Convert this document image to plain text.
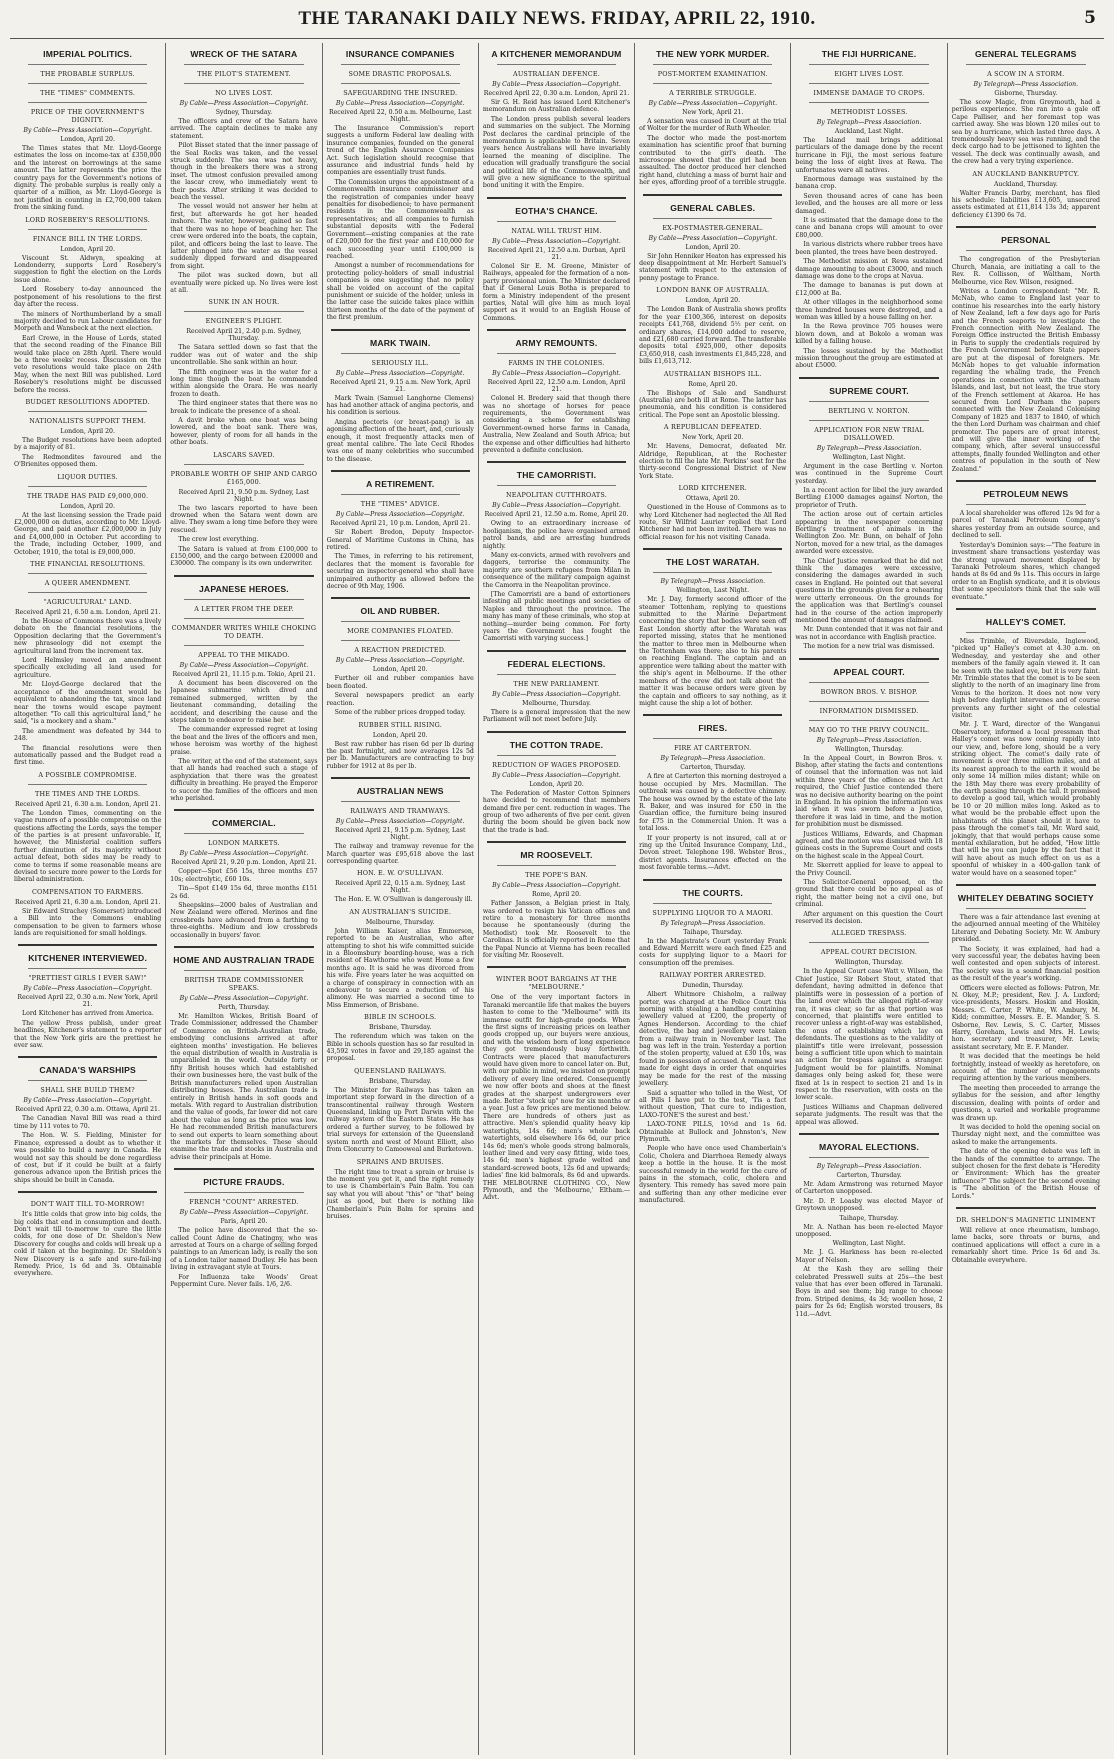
THE TARANAKI DAILY NEWS. FRIDAY, APRIL 22, 1910.	5
IMPERIAL POLITICS.
THE PROBABLE SURPLUS.
THE "TIMES" COMMENTS.
PRICE OF THE GOVERNMENT'S DIGNITY.
By Cable—Press Association—Copyright.
London, April 20.
The Times states that Mr. Lloyd-George estimates the loss on income-tax at £350,000 and the interest on borrowings at the same amount. The latter represents the price the country pays for the Government's notions of dignity. The probable surplus is really only a quarter of a million, as Mr. Lloyd-George is not justified in counting in £2,700,000 taken from the sinking fund.
LORD ROSEBERY'S RESOLUTIONS.
FINANCE BILL IN THE LORDS.
London, April 20.
Viscount St. Aldwyn, speaking at Londonderry, supports Lord Rosebery's suggestion to fight the election on the Lords issue alone.
Lord Rosebery to-day announced the postponement of his resolutions to the first day after the recess.
The miners of Northumberland by a small majority decided to run Labour candidates for Morpeth and Wansbeck at the next election.
Earl Crewe, in the House of Lords, stated that the second reading of the Finance Bill would take place on 28th April. There would be a three weeks' recess. Discussion on the veto resolutions would take place on 24th May, when the next Bill was published. Lord Rosebery's resolutions might be discussed before the recess.
BUDGET RESOLUTIONS ADOPTED.
NATIONALISTS SUPPORT THEM.
London, April 20.
The Budget resolutions have been adopted by a majority of 81.
The Redmondites favoured and the O'Brienites opposed them.
LIQUOR DUTIES.
THE TRADE HAS PAID £9,000,000.
London, April 20.
At the last licensing session the Trade paid £2,000,000 on duties, according to Mr. Lloyd-George, and paid another £2,000,000 in July and £4,000,000 in October. Put according to the Trade, including October, 1909, and October, 1910, the total is £9,000,000.
THE FINANCIAL RESOLUTIONS.
A QUEER AMENDMENT.
"AGRICULTURAL" LAND.
Received April 21, 6.50 a.m. London, April 21.
In the House of Commons there was a lively debate on the financial resolutions, the Opposition declaring that the Government's new phraseology did not exempt the agricultural land from the increment tax.
Lord Helmsley moved an amendment specifically excluding all land used for agriculture.
Mr. Lloyd-George declared that the acceptance of the amendment would be equivalent to abandoning the tax, since land near the towns would escape payment altogether. "To call this agricultural land," he said, "is a mockery and a sham."
The amendment was defeated by 344 to 248.
The financial resolutions were then automatically passed and the Budget read a first time.
A POSSIBLE COMPROMISE.
THE TIMES AND THE LORDS.
Received April 21, 6.30 a.m. London, April 21.
The London Times, commenting on the vague rumors of a possible compromise on the questions affecting the Lords, says the temper of the parties is at present unfavorable. If, however, the Ministerial coalition suffers further diminution of its majority without actual defeat, both sides may be ready to come to terms if some reasonable means are devised to secure more power to the Lords for liberal administration.
COMPENSATION TO FARMERS.
Received April 21, 6.30 a.m. London, April 21.
Sir Edward Strachey (Somerset) introduced a Bill into the Commons enabling compensation to be given to farmers whose lands are requisitioned for small holdings.
KITCHENER INTERVIEWED.
"PRETTIEST GIRLS I EVER SAW!"
By Cable—Press Association—Copyright.
Received April 22, 0.30 a.m. New York, April 21.
Lord Kitchener has arrived from America.
The yellow Press publish, under great headlines, Kitchener's statement to a reporter that the New York girls are the prettiest he ever saw.
CANADA'S WARSHIPS
SHALL SHE BUILD THEM?
By Cable—Press Association—Copyright.
Received April 22, 0.30 a.m. Ottawa, April 21.
The Canadian Naval Bill was read a third time by 111 votes to 70.
The Hon. W. S. Fielding, Minister for Finance, expressed a doubt as to whether it was possible to build a navy in Canada. He would not say this should be done regardless of cost, but if it could be built at a fairly generous advance upon the British prices the ships should be built in Canada.
DON'T WAIT TILL TO-MORROW!
It's little colds that grow into big colds, the big colds that end in consumption and death. Don't wait till to-morrow to cure the little colds, for one dose of Dr. Sheldon's New Discovery for coughs and colds will break up a cold if taken at the beginning. Dr. Sheldon's New Discovery is a safe and sure-fail-ing Remedy. Price, 1s 6d and 3s. Obtainable everywhere.
WRECK OF THE SATARA
THE PILOT'S STATEMENT.
NO LIVES LOST.
By Cable—Press Association—Copyright.
Sydney, Thursday.
The officers and crew of the Satara have arrived. The captain declines to make any statement.
Pilot Bisset stated that the inner passage of the Seal Rocks was taken, and the vessel struck suddenly. The sea was not heavy, though in the breakers there was a strong inset. The utmost confusion prevailed among the lascar crew, who immediately went to their posts. After striking it was decided to beach the vessel.
The vessel would not answer her helm at first, but afterwards he got her headed inshore. The water, however, gained so fast that there was no hope of beaching her. The crew were ordered into the boats, the captain, pilot, and officers being the last to leave. The latter plunged into the water as the vessel suddenly dipped forward and disappeared from sight.
The pilot was sucked down, but all eventually were picked up. No lives were lost at all.
SUNK IN AN HOUR.
ENGINEER'S PLIGHT.
Received April 21, 2.40 p.m. Sydney, Thursday.
The Satara settled down so fast that the rudder was out of water and the ship uncontrollable. She sank within an hour.
The fifth engineer was in the water for a long time though the boat he commanded within alongside the Orara. He was nearly frozen to death.
The third engineer states that there was no break to indicate the presence of a shoal.
A davit broke when one boat was being lowered, and the boat sank. There was, however, plenty of room for all hands in the other boats.
LASCARS SAVED.
PROBABLE WORTH OF SHIP AND CARGO £165,000.
Received April 21, 9.50 p.m. Sydney, Last Night.
The two lascars reported to have been drowned when the Satara went down are alive. They swam a long time before they were rescued.
The crew lost everything.
The Satara is valued at from £100,000 to £150,000, and the cargo between £20000 and £30000. The company is its own underwriter.
JAPANESE HEROES.
A LETTER FROM THE DEEP.
COMMANDER WRITES WHILE CHOKING TO DEATH.
APPEAL TO THE MIKADO.
By Cable—Press Association—Copyright.
Received April 21, 11.15 p.m. Tokio, April 21.
A document has been discovered on the Japanese submarine which dived and remained submerged, written by the lieutenant commanding, detailing the accident, and describing the cause and the steps taken to endeavor to raise her.
The commander expressed regret at losing the boat and the lives of the officers and men, whose heroism was worthy of the highest praise.
The writer, at the end of the statement, says that all hands had reached such a stage of asphyxiation that there was the greatest difficulty in breathing. He prayed the Emperor to succor the families of the officers and men who perished.
COMMERCIAL.
LONDON MARKETS.
By Cable—Press Association—Copyright.
Received April 21, 9.20 p.m. London, April 21.
Copper—Spot £56 15s, three months £57 10s; electrolytic, £60 10s.
Tin—Spot £149 15s 6d, three months £151 2s 6d.
Sheepskins—2000 bales of Australian and New Zealand were offered. Merinos and fine crossbreds have advanced from a farthing to three-eighths. Medium and low crossbreds occasionally in buyers' favor.
HOME AND AUSTRALIAN TRADE
BRITISH TRADE COMMISSIONER SPEAKS.
By Cable—Press Association—Copyright.
Perth, Thursday.
Mr. Hamilton Wickes, British Board of Trade Commissioner, addressed the Chamber of Commerce on British-Australian trade, embodying conclusions arrived at after eighteen months' investigation. He believes the equal distribution of wealth in Australia is unparalleled in the world. Outside forty or fifty British houses which had established their own businesses here, the vast bulk of the British manufacturers relied upon Australian distributing houses. The Australian trade is entirely in British hands in soft goods and metals. With regard to Australian distribution and the value of goods, far lower did not care about the value as long as the price was low. He had recommended British manufacturers to send out experts to learn something about the markets for themselves. These should examine the trade and stocks in Australia and advise their principals at Home.
PICTURE FRAUDS.
FRENCH "COUNT" ARRESTED.
By Cable—Press Association—Copyright.
Paris, April 20.
The police have discovered that the so-called Count Adine de Chatingny, who was arrested at Tours on a charge of selling forged paintings to an American lady, is really the son of a London tailor named Dudley. He has been living in extravagant style at Tours.
For Influenza take Woods' Great Peppermint Cure. Never fails. 1/6, 2/6.
INSURANCE COMPANIES
SOME DRASTIC PROPOSALS.
SAFEGUARDING THE INSURED.
By Cable—Press Association—Copyright.
Received April 22, 0.50 a.m. Melbourne, Last Night.
The Insurance Commission's report suggests a uniform Federal law dealing with insurance companies, founded on the general trend of the English Assurance Companies Act. Such legislation should recognise that assurance and industrial funds held by companies are essentially trust funds.
The Commission urges the appointment of a Commonwealth insurance commissioner and the registration of companies under heavy penalties for disobedience; to have permanent residents in the Commonwealth as representatives; and all companies to furnish substantial deposits with the Federal Government—existing companies at the rate of £20,000 for the first year and £10,000 for each succeeding year until £100,000 is reached.
Amongst a number of recommendations for protecting policy-holders of small industrial companies is one suggesting that no policy shall be voided on account of the capital punishment or suicide of the holder, unless in the latter case the suicide takes place within thirteen months of the date of the payment of the first premium.
MARK TWAIN.
SERIOUSLY ILL.
By Cable—Press Association—Copyright.
Received April 21, 9.15 a.m. New York, April 21.
Mark Twain (Samuel Langhorne Clemens) has had another attack of angina pectoris, and his condition is serious.
Angina pectoris (or breast-pang) is an agonising affection of the heart, and, curiously enough, it most frequently attacks men of great mental calibre. The late Cecil Rhodes was one of many celebrities who succumbed to the disease.
A RETIREMENT.
THE "TIMES" ADVICE.
By Cable—Press Association—Copyright.
Received April 21, 10 p.m. London, April 21.
Sir Robert Bredon, Deputy Inspector-General of Maritime Customs in China, has retired.
The Times, in referring to his retirement, declares that the moment is favorable for securing an inspector-general who shall have unimpaired authority as allowed before the decree of 9th May, 1906.
OIL AND RUBBER.
MORE COMPANIES FLOATED.
A REACTION PREDICTED.
By Cable—Press Association—Copyright.
London, April 20.
Further oil and rubber companies have been floated.
Several newspapers predict an early reaction.
Some of the rubber prices dropped today.
RUBBER STILL RISING.
London, April 20.
Best raw rubber has risen 6d per lb during the past fortnight, and now averages 12s 5d per lb. Manufacturers are contracting to buy rubber for 1912 at 8s per lb.
AUSTRALIAN NEWS
RAILWAYS AND TRAMWAYS.
By Cable—Press Association—Copyright.
Received April 21, 9.15 p.m. Sydney, Last Night.
The railway and tramway revenue for the March quarter was £95,618 above the last corresponding quarter.
HON. E. W. O'SULLIVAN.
Received April 22, 0.15 a.m. Sydney, Last Night.
The Hon. E. W. O'Sullivan is dangerously ill.
AN AUSTRALIAN'S SUICIDE.
Melbourne, Thursday.
John William Kaiser, alias Emmerson, reported to be an Australian, who after attempting to shot his wife committed suicide in a Bloomsbury boarding-house, was a rich resident of Hawthorne who went Home a few months ago. It is said he was divorced from his wife. Five years later he was acquitted on a charge of conspiracy in connection with an endeavour to secure a reduction of his alimony. He was married a second time to Miss Emmerson, of Brisbane.
BIBLE IN SCHOOLS.
Brisbane, Thursday.
The referendum which was taken on the Bible in schools question has so far resulted in 43,592 votes in favor and 29,185 against the proposal.
QUEENSLAND RAILWAYS.
Brisbane, Thursday.
The Minister for Railways has taken an important step forward in the direction of a transcontinental railway through Western Queensland, linking up Port Darwin with the railway system of the Eastern States. He has ordered a further survey, to be followed by trial surveys for extension of the Queensland system north and west of Mount Elliott, also from Cloncurry to Camooweal and Burketown.
SPRAINS AND BRUISES.
The right time to treat a sprain or bruise is the moment you get it, and the right remedy to use is Chamberlain's Pain Balm. You can say what you will about "this" or "that" being just as good, but there is nothing like Chamberlain's Pain Balm for sprains and bruises.
A KITCHENER MEMORANDUM
AUSTRALIAN DEFENCE.
By Cable—Press Association—Copyright.
Received April 22, 0.30 a.m. London, April 21.
Sir G. H. Reid has issued Lord Kitchener's memorandum on Australian defence.
The London press publish several leaders and summaries on the subject. The Morning Post declares the cardinal principle of the memorandum is applicable to Britain. Seven years hence Australians will have invariably learned the meaning of discipline. The education will gradually transfigure the social and political life of the Commonwealth, and will give a new significance to the spiritual bond uniting it with the Empire.
EOTHA'S CHANCE.
NATAL WILL TRUST HIM.
By Cable—Press Association—Copyright.
Received April 21, 12.50 a.m. Durban, April 21.
Colonel Sir E. M. Greene, Minister of Railways, appealed for the formation of a non-party provisional union. The Minister declared that if General Louis Botha is prepared to form a Ministry independent of the present parties, Natal will give him as much loyal support as it would to an English House of Commons.
ARMY REMOUNTS.
FARMS IN THE COLONIES.
By Cable—Press Association—Copyright.
Received April 22, 12.50 a.m. London, April 21.
Colonel H. Bredery said that though there was no shortage of horses for peace requirements, the Government was considering a scheme for establishing Government-owned horse farms in Canada, Australia, New Zealand and South Africa; but the expense and other difficulties had hitherto prevented a definite conclusion.
THE CAMORRISTI.
NEAPOLITAN CUTTHROATS.
By Cable—Press Association—Copyright.
Received April 21, 12.50 a.m. Rome, April 20.
Owing to an extraordinary increase of hooliganism, the police have organised armed patrol bands, and are arresting hundreds nightly.
Many ex-convicts, armed with revolvers and daggers, terrorise the community. The majority are southern refugees from Milan in consequence of the military campaign against the Camorra in the Neapolitan province.
[The Camorristi are a band of extortioners infesting all public meetings and societies of Naples and throughout the province. The many has many of these criminals, who stop at nothing—murder being common. For forty years the Government has fought the Camorristi with varying success.]
FEDERAL ELECTIONS.
THE NEW PARLIAMENT.
By Cable—Press Association—Copyright.
Melbourne, Thursday.
There is a general impression that the new Parliament will not meet before July.
THE COTTON TRADE.
REDUCTION OF WAGES PROPOSED.
By Cable—Press Association—Copyright.
London, April 20.
The Federation of Master Cotton Spinners have decided to recommend that members demand five per cent. reduction in wages. The group of two adherents of five per cent. given during the boom should be given back now that the trade is bad.
MR ROOSEVELT.
THE POPE'S BAN.
By Cable—Press Association—Copyright.
Rome, April 20.
Father Jansson, a Belgian priest in Italy, was ordered to resign his Vatican offices and retire to a monastery for three months because he spontaneously (during the Methodist) took Mr. Roosevelt to the Carolinas. It is officially reported in Rome that the Papal Nuncio at Vienna has been recalled for visiting Mr. Roosevelt.
WINTER BOOT BARGAINS AT THE "MELBOURNE."
One of the very important factors in Taranaki mercantile life that makes the buyers hasten to come to the "Melbourne" with its immense outfit for high-grade goods. When the first signs of increasing prices on leather goods cropped up, our buyers were anxious, and with the wisdom born of long experience they got tremendously busy forthwith. Contracts were placed that manufacturers would have given more to cancel later on. But, with our public in mind, we insisted on prompt delivery of every line ordered. Consequently we now offer boots and shoes at the finest grades at the sharpest undergrowers ever made. Better "stock up" now for six months or a year. Just a few prices are mentioned below. There are hundreds of others just as attractive. Men's splendid quality heavy kip watertights, 14s 6d; men's whole back watertights, sold elsewhere 16s 6d, our price 14s 6d; men's whole goods strong balmorals, leather lined and very easy fitting, wide toes, 14s 6d; men's highest grade welted and standard-screwed boots, 12s 6d and upwards; ladies' fine kid balmorals, 8s 6d and upwards. THE MELBOURNE CLOTHING CO., New Plymouth, and the 'Melbourne,' Eltham.—Advt.
THE NEW YORK MURDER.
POST-MORTEM EXAMINATION.
A TERRIBLE STRUGGLE.
By Cable—Press Association—Copyright.
New York, April 21.
A sensation was caused in Court at the trial of Wolter for the murder of Ruth Wheeler.
The doctor who made the post-mortem examination has scientific proof that burning contributed to the girl's death. The microscope showed that the girl had been assaulted. The doctor produced her clenched right hand, clutching a mass of burnt hair and her eyes, affording proof of a terrible struggle.
GENERAL CABLES.
EX-POSTMASTER-GENERAL.
By Cable—Press Association—Copyright.
London, April 20.
Sir John Henniker Heaton has expressed his deep disappointment at Mr. Herbert Samuel's statement with respect to the extension of penny postage to France.
LONDON BANK OF AUSTRALIA.
London, April 20.
The London Bank of Australia shows profits for the year £100,366, interest on deposits receipts £41,768, dividend 5½ per cent. on ordinary shares, £14,000 added to reserve, and £21,680 carried forward. The transferable deposits total £925,000, other deposits £3,650,918, cash investments £1,845,228, and bills £1,613,712.
AUSTRALIAN BISHOPS ILL.
Rome, April 20.
The Bishops of Sale and Sandhurst (Australia) are both ill at Rome. The latter has pneumonia, and his condition is considered critical. The Pope sent an Apostolic blessing.
A REPUBLICAN DEFEATED.
New York, April 20.
Mr. Havens, Democrat, defeated Mr. Aldridge, Republican, at the Rochester election to fill the late Mr. Perkins' seat for the thirty-second Congressional District of New York State.
LORD KITCHENER.
Ottawa, April 20.
Questioned in the House of Commons as to why Lord Kitchener had neglected the All Red route, Sir Wilfrid Laurier replied that Lord Kitchener had not been invited. There was no official reason for his not visiting Canada.
THE LOST WARATAH.
By Telegraph—Press Association.
Wellington, Last Night.
Mr. J. Day, formerly second officer of the steamer Tottenham, replying to questions submitted to the Marine Department concerning the story that bodies were seen off East London shortly after the Waratah was reported missing, states that he mentioned the matter to three men in Melbourne when the Tottenham was there; also to his parents on reaching England. The captain and an apprentice were talking about the matter with the ship's agent in Melbourne. If the other members of the crew did not talk about the matter it was because orders were given by the captain and officers to say nothing, as it might cause the ship a lot of bother.
FIRES.
FIRE AT CARTERTON.
By Telegraph—Press Association.
Carterton, Thursday.
A fire at Carterton this morning destroyed a house occupied by Mrs. Macmillan. The outbreak was caused by a defective chimney. The house was owned by the estate of the late R. Baker, and was insured for £50 in the Guardian office, the furniture being insured for £75 in the Commercial Union. It was a total loss.
If your property is not insured, call at or ring up the United Insurance Company, Ltd., Devon street. Telephone 198. Webster Bros., district agents. Insurances effected on the most favorable terms.—Advt.
THE COURTS.
SUPPLYING LIQUOR TO A MAORI.
By Telegraph—Press Association.
Taihape, Thursday.
In the Magistrate's Court yesterday Frank and Edward Merritt were each fined £25 and costs for supplying liquor to a Maori for consumption off the premises.
RAILWAY PORTER ARRESTED.
Dunedin, Thursday.
Albert Whitmore Chisholm, a railway porter, was charged at the Police Court this morning with stealing a handbag containing jewellery valued at £200, the property of Agnes Henderson. According to the chief detective, the bag and jewellery were taken from a railway train in November last. The bag was left in the train. Yesterday a portion of the stolen property, valued at £30 10s, was found in possession of accused. A remand was made for eight days in order that enquiries may be made for the rest of the missing jewellery.
Said a squatter who tolled in the West, 'Of all Pills I have put to the test, 'Tis a fact without question, That cure to indigestion, LAXO-TONE'S the surest and best.'
LAXO-TONE PILLS, 10½d and 1s 6d. Obtainable at Bullock and Johnston's, New Plymouth.
People who have once used Chamberlain's Colic, Cholera and Diarrhoea Remedy always keep a bottle in the house. It is the most successful remedy in the world for the cure of pains in the stomach, colic, cholera and dysentery. This remedy has saved more pain and suffering than any other medicine ever manufactured.
THE FIJI HURRICANE.
EIGHT LIVES LOST.
IMMENSE DAMAGE TO CROPS.
METHODIST LOSSES.
By Telegraph—Press Association.
Auckland, Last Night.
The Island mail brings additional particulars of the damage done by the recent hurricane in Fiji, the most serious feature being the loss of eight lives at Rewa. The unfortunates were all natives.
Enormous damage was sustained by the banana crop.
Seven thousand acres of cane has been levelled, and the houses are all more or less damaged.
It is estimated that the damage done to the cane and banana crops will amount to over £80,000.
In various districts where rubber trees have been planted, the trees have been destroyed.
The Methodist mission at Rewa sustained damage amounting to about £3000, and much damage was done to the crops at Navua.
The damage to bananas is put down at £12,000 at Ba.
At other villages in the neighborhood some three hundred houses were destroyed, and a woman was killed by a house falling on her.
In the Rewa province 705 houses were blown down, and at Bokolo a woman was killed by a falling house.
The losses sustained by the Methodist mission throughout the group are estimated at about £5000.
SUPREME COURT.
BERTLING V. NORTON.
APPLICATION FOR NEW TRIAL DISALLOWED.
By Telegraph—Press Association.
Wellington, Last Night.
Argument in the case Bertling v. Norton was continued in the Supreme Court yesterday.
In a recent action for libel the jury awarded Bertling £1000 damages against Norton, the proprietor of Truth.
The action arose out of certain articles appearing in the newspaper concerning Bertling's treatment of animals in the Wellington Zoo. Mr. Bunn, on behalf of John Norton, moved for a new trial, as the damages awarded were excessive.
The Chief Justice remarked that he did not think the damages were excessive, considering the damages awarded in such cases in England. He pointed out that several questions in the grounds given for a rehearing were utterly erroneous. On the grounds for the application was that Bertling's counsel had in the course of the action improperly mentioned the amount of damages claimed.
Mr. Dunn contended that it was not fair and was not in accordance with English practice.
The motion for a new trial was dismissed.
APPEAL COURT.
BOWRON BROS. V. BISHOP.
INFORMATION DISMISSED.
MAY GO TO THE PRIVY COUNCIL.
By Telegraph—Press Association.
Wellington, Thursday.
In the Appeal Court, in Bowron Bros. v. Bishop, after stating the facts and contentions of counsel that the information was not laid within three years of the offence as the Act required, the Chief Justice contended there was no decisive authority bearing on the point in England. In his opinion the information was laid when it was sworn before a Justice, therefore it was laid in time, and the motion for prohibition must be dismissed.
Justices Williams, Edwards, and Chapman agreed, and the motion was dismissed with 18 guineas costs in the Supreme Court and costs on the highest scale in the Appeal Court.
Mr. Skerrett applied for leave to appeal to the Privy Council.
The Solicitor-General opposed, on the ground that there could be no appeal as of right, the matter being not a civil one, but criminal.
After argument on this question the Court reserved its decision.
ALLEGED TRESPASS.
APPEAL COURT DECISION.
Wellington, Thursday.
In the Appeal Court case Watt v. Wilson, the Chief Justice, Sir Robert Stout, stated that defendant, having admitted in defence that plaintiffs were in possession of a portion of the land over which the alleged right-of-way ran, it was clear, so far as that portion was concerned, that plaintiffs were entitled to recover unless a right-of-way was established, the onus of establishing which lay on defendants. The questions as to the validity of plaintiff's title were irrelevant, possession being a sufficient title upon which to maintain an action for trespass against a stranger. Judgment would be for plaintiffs. Nominal damages only being asked for, these were fixed at 1s in respect to section 21 and 1s in respect to the reservation, with costs on the lower scale.
Justices Williams and Chapman delivered separate judgments. The result was that the appeal was allowed.
MAYORAL ELECTIONS.
By Telegraph—Press Association.
Carterton, Thursday.
Mr. Adam Armstrong was returned Mayor of Carterton unopposed.
Mr. D. P. Loasby was elected Mayor of Greytown unopposed.
Taihape, Thursday.
Mr. A. Nathan has been re-elected Mayor unopposed.
Wellington, Last Night.
Mr. J. G. Harkness has been re-elected Mayor of Nelson.
At the Kash they are selling their celebrated Presswell suits at 25s—the best value that has ever been offered in Taranaki. Boys in and see them; big range to choose from. Striped denims, 4s 3d; woollen hose, 2 pairs for 2s 6d; English worsted trousers, 8s 11d.—Advt.
GENERAL TELEGRAMS
A SCOW IN A STORM.
By Telegraph—Press Association.
Gisborne, Thursday.
The scow Magic, from Greymouth, had a perilous experience. She ran into a gale off Cape Palliser, and her foremast top was carried away. She was blown 120 miles out to sea by a hurricane, which lasted three days. A tremendously heavy sea was running, and the deck cargo had to be jettisoned to lighten the vessel. The deck was continually awash, and the crew had a very trying experience.
AN AUCKLAND BANKRUPTCY.
Auckland, Thursday.
Walter Francis Darby, merchant, has filed his schedule: liabilities £13,605, unsecured assets estimated at £11,814 13s 3d; apparent deficiency £1390 6s 7d.
PERSONAL
The congregation of the Presbyterian Church, Manaia, are initiating a call to the Rev. R. Collisson, of Waltham, North Melbourne, vice Rev. Wilson, resigned.
Writes a London correspondent: "Mr. R. McNab, who came to England last year to continue his researches into the early history of New Zealand, left a few days ago for Paris and the French seaports to investigate the French connection with New Zealand. The Foreign Office instructed the British Embassy in Paris to supply the credentials required by the French Government before State papers are put at the disposal of foreigners. Mr. McNab hopes to get valuable information regarding the whaling trade, the French operations in connection with the Chatham Islands, and last, but not least, the true story of the French settlement at Akaroa. He has secured from Lord Durham the papers connected with the New Zealand Colonising Company of 1825 and 1837 to 1840, of which the then Lord Durham was chairman and chief promoter. The papers are of great interest, and will give the inner working of the company, which, after several unsuccessful attempts, finally founded Wellington and other centres of population in the south of New Zealand."
PETROLEUM NEWS
A local shareholder was offered 12s 9d for a parcel of Taranaki Petroleum Company's shares yesterday from an outside source, and declined to sell.
Yesterday's Dominion says:—"The feature in investment share transactions yesterday was the strong upward movement displayed by Taranaki Petroleum shares, which changed hands at 8s 6d and 9s 11s. This occurs in large order to an English syndicate, and it is obvious that some speculators think that the sale will eventuate."
HALLEY'S COMET.
Miss Trimble, of Riversdale, Inglewood, "picked up" Halley's comet at 4.30 a.m. on Wednesday, and yesterday she and other members of the family again viewed it. It can be seen with the naked eye, but it is very faint. Mr. Trimble states that the comet is to be seen slightly to the north of an imaginary line from Venus to the horizon. It does not now very high before daylight intervenes and of course prevents any further sight of the celestial visitor.
Mr. J. T. Ward, director of the Wanganui Observatory, informed a local pressman that Halley's comet was now coming rapidly into our view, and, before long, should be a very striking object. The comet's daily rate of movement is over three million miles, and at its nearest approach to the earth it would be only some 14 million miles distant; while on the 18th May there was every probability of the earth passing through the tail. It promised to develop a good tail, which would probably be 10 or 20 million miles long. Asked as to what would be the probable effect upon the inhabitants of this planet should it have to pass through the comet's tail, Mr. Ward said, jokingly, that that would perhaps cause some mental exhilaration, but he added, "How little that will be you can judge by the fact that it will have about as much effect on us as a spoonful of whiskey in a 400-gallon tank of water would have on a seasoned toper."
WHITELEY DEBATING SOCIETY
There was a fair attendance last evening at the adjourned annual meeting of the Whiteley Literary and Debating Society. Mr. W. Ambury presided.
The Society, it was explained, had had a very successful year, the debates having been well contested and open subjects of interest. The society was in a sound financial position as the result of the year's working.
Officers were elected as follows: Patron, Mr. N. Okey, M.P.; president, Rev. J. A. Luxford; vice-presidents, Messrs. Hoskin and Hoskin, Messrs. C. Carter, P. White, W. Ambury, M. Kidd; committee, Messrs. E. E. Mander, S. S. Osborne, Rev. Lewis, S. C. Carter, Misses Harry, Goreham, Lewis and Mrs. H. Lewis; hon. secretary and treasurer, Mr. Lewis; assistant secretary, Mr. E. F. Mander.
It was decided that the meetings be held fortnightly, instead of weekly as heretofore, on account of the number of engagements requiring attention by the various members.
The meeting then proceeded to arrange the syllabus for the session, and after lengthy discussion, dealing with points of order and questions, a varied and workable programme was drawn up.
It was decided to hold the opening social on Thursday night next, and the committee was asked to make the arrangements.
The date of the opening debate was left in the hands of the committee to arrange. The subject chosen for the first debate is "Heredity or Environment: Which has the greater influence?" The subject for the second evening is "The abolition of the British House of Lords."
DR. SHELDON'S MAGNETIC LINIMENT
Will relieve at once rheumatism, lumbago, lame backs, sore throats or burns, and continued applications will effect a cure in a remarkably short time. Price 1s 6d and 3s. Obtainable everywhere.
